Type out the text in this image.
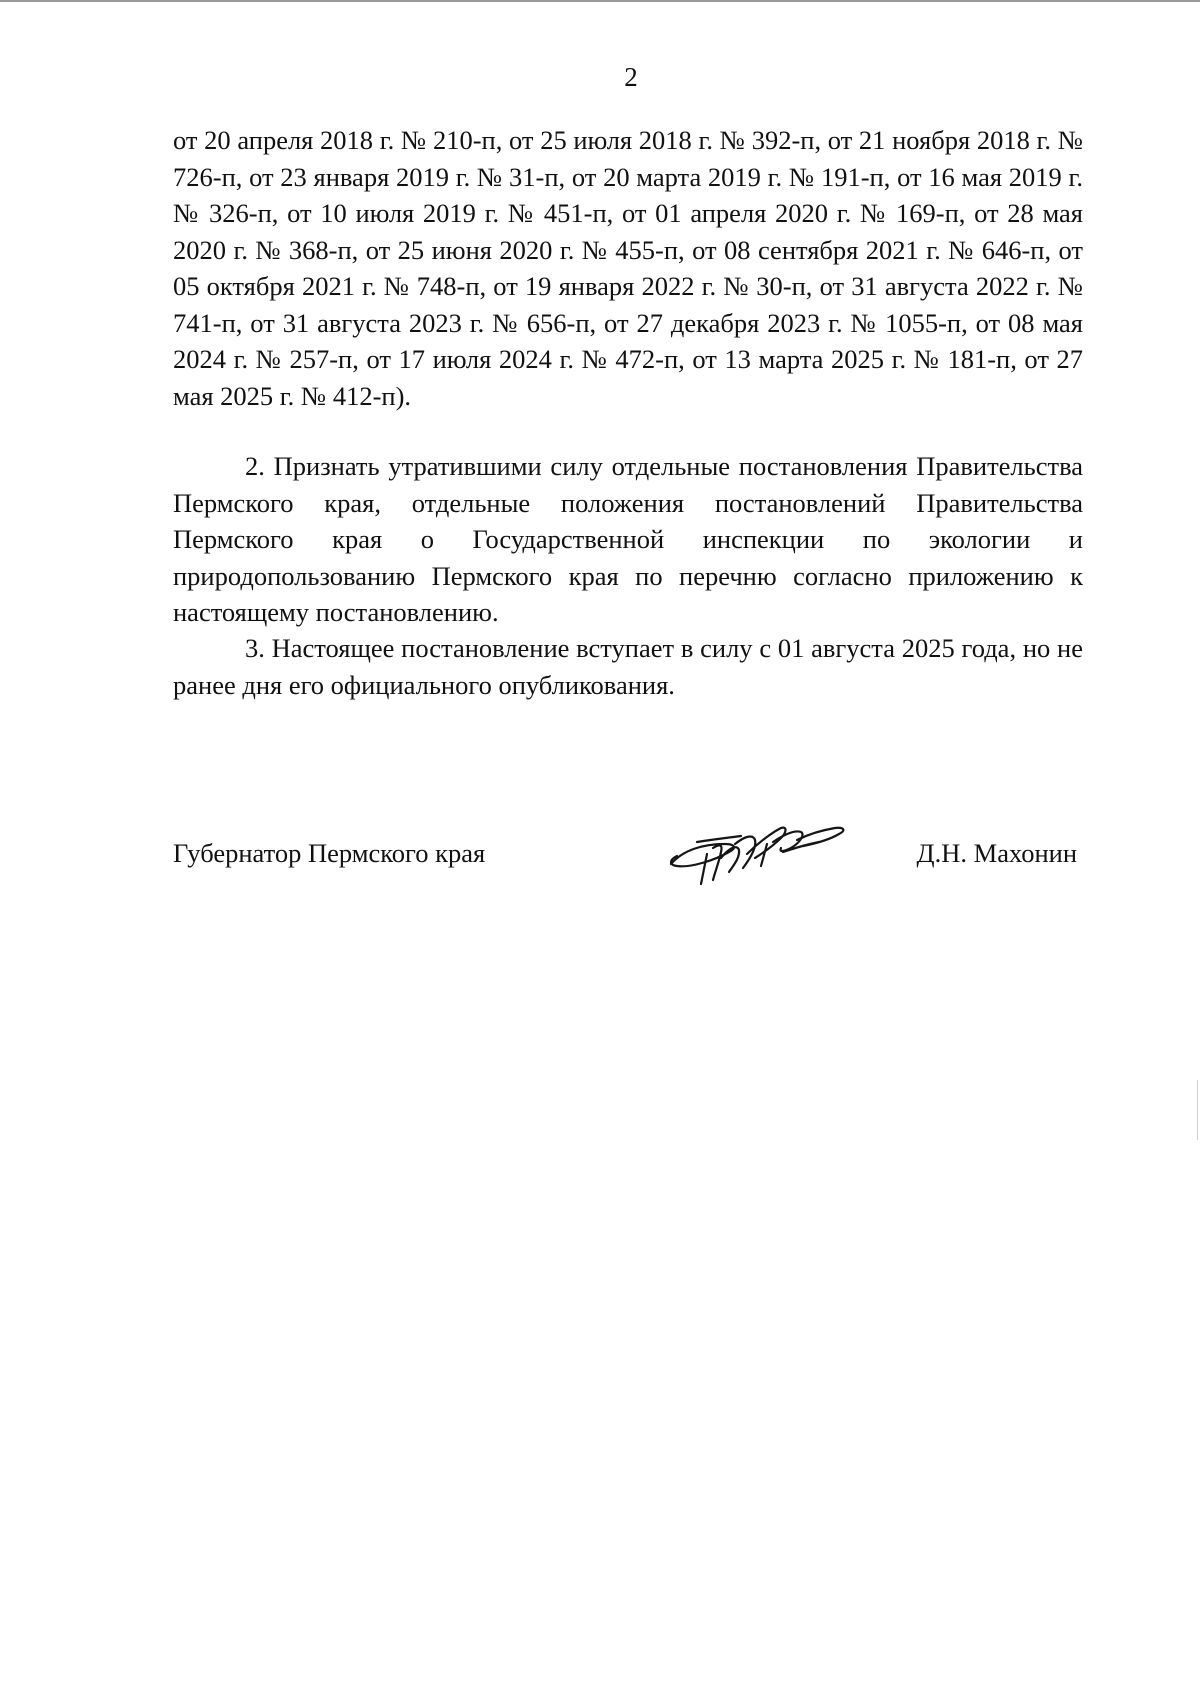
2
от 20 апреля 2018 г. № 210-п, от 25 июля 2018 г. № 392-п, от 21 ноября 2018 г. № 726-п, от 23 января 2019 г. № 31-п, от 20 марта 2019 г. № 191-п, от 16 мая 2019 г. № 326-п, от 10 июля 2019 г. № 451-п, от 01 апреля 2020 г. № 169-п, от 28 мая 2020 г. № 368-п, от 25 июня 2020 г. № 455-п, от 08 сентября 2021 г. № 646-п, от 05 октября 2021 г. № 748-п, от 19 января 2022 г. № 30-п, от 31 августа 2022 г. № 741-п, от 31 августа 2023 г. № 656-п, от 27 декабря 2023 г. № 1055-п, от 08 мая 2024 г. № 257-п, от 17 июля 2024 г. № 472-п, от 13 марта 2025 г. № 181-п, от 27 мая 2025 г. № 412-п).

2. Признать утратившими силу отдельные постановления Правительства Пермского края, отдельные положения постановлений Правительства Пермского края о Государственной инспекции по экологии и природопользованию Пермского края по перечню согласно приложению к настоящему постановлению.

3. Настоящее постановление вступает в силу с 01 августа 2025 года, но не ранее дня его официального опубликования.

Губернатор Пермского края	Д.Н. Махонин
